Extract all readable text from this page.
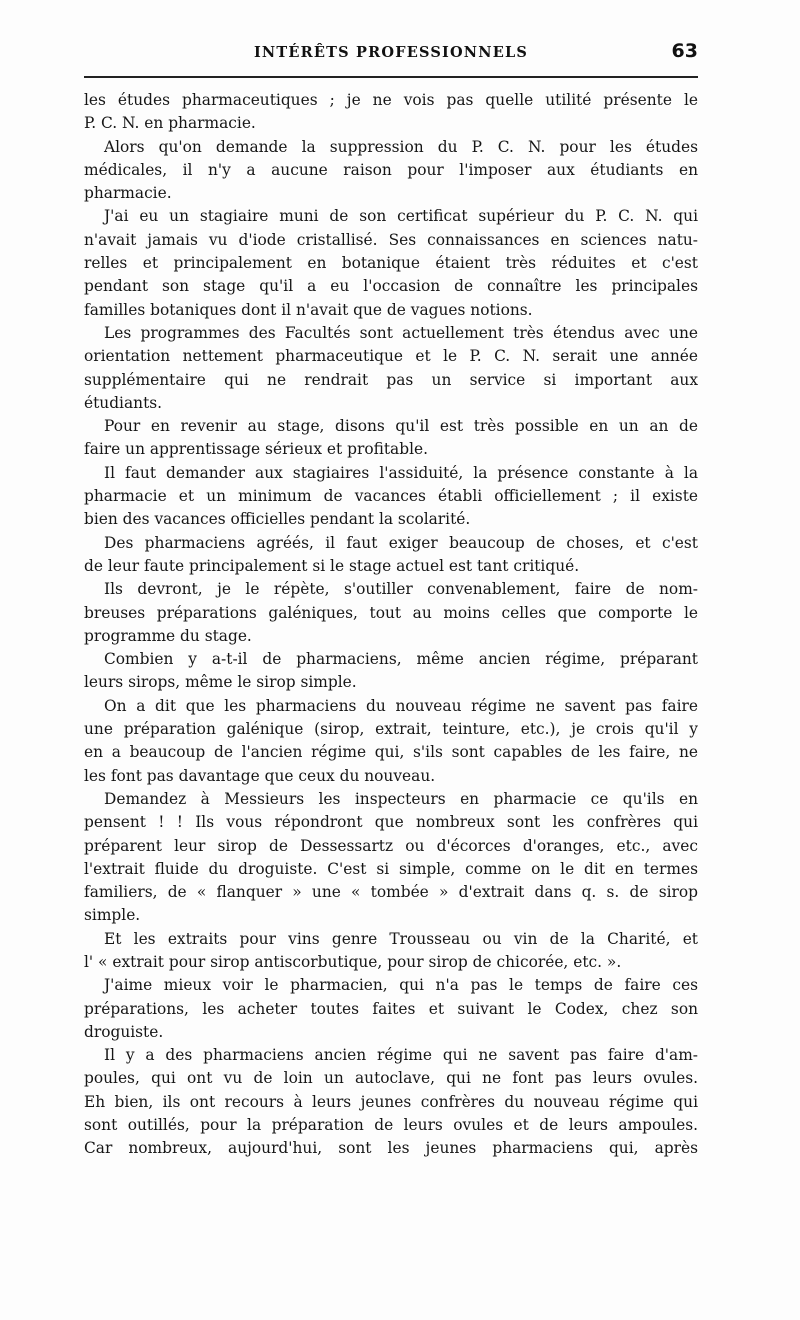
INTÉRÊTS PROFESSIONNELS	63
les études pharmaceutiques ; je ne vois pas quelle utilité présente le
P. C. N. en pharmacie.
Alors qu'on demande la suppression du P. C. N. pour les études
médicales, il n'y a aucune raison pour l'imposer aux étudiants en
pharmacie.
J'ai eu un stagiaire muni de son certificat supérieur du P. C. N. qui
n'avait jamais vu d'iode cristallisé. Ses connaissances en sciences natu-
relles et principalement en botanique étaient très réduites et c'est
pendant son stage qu'il a eu l'occasion de connaître les principales
familles botaniques dont il n'avait que de vagues notions.
Les programmes des Facultés sont actuellement très étendus avec une
orientation nettement pharmaceutique et le P. C. N. serait une année
supplémentaire qui ne rendrait pas un service si important aux
étudiants.
Pour en revenir au stage, disons qu'il est très possible en un an de
faire un apprentissage sérieux et profitable.
Il faut demander aux stagiaires l'assiduité, la présence constante à la
pharmacie et un minimum de vacances établi officiellement ; il existe
bien des vacances officielles pendant la scolarité.
Des pharmaciens agréés, il faut exiger beaucoup de choses, et c'est
de leur faute principalement si le stage actuel est tant critiqué.
Ils devront, je le répète, s'outiller convenablement, faire de nom-
breuses préparations galéniques, tout au moins celles que comporte le
programme du stage.
Combien y a-t-il de pharmaciens, même ancien régime, préparant
leurs sirops, même le sirop simple.
On a dit que les pharmaciens du nouveau régime ne savent pas faire
une préparation galénique (sirop, extrait, teinture, etc.), je crois qu'il y
en a beaucoup de l'ancien régime qui, s'ils sont capables de les faire, ne
les font pas davantage que ceux du nouveau.
Demandez à Messieurs les inspecteurs en pharmacie ce qu'ils en
pensent ! ! Ils vous répondront que nombreux sont les confrères qui
préparent leur sirop de Dessessartz ou d'écorces d'oranges, etc., avec
l'extrait fluide du droguiste. C'est si simple, comme on le dit en termes
familiers, de « flanquer » une « tombée » d'extrait dans q. s. de sirop
simple.
Et les extraits pour vins genre Trousseau ou vin de la Charité, et
l' « extrait pour sirop antiscorbutique, pour sirop de chicorée, etc. ».
J'aime mieux voir le pharmacien, qui n'a pas le temps de faire ces
préparations, les acheter toutes faites et suivant le Codex, chez son
droguiste.
Il y a des pharmaciens ancien régime qui ne savent pas faire d'am-
poules, qui ont vu de loin un autoclave, qui ne font pas leurs ovules.
Eh bien, ils ont recours à leurs jeunes confrères du nouveau régime qui
sont outillés, pour la préparation de leurs ovules et de leurs ampoules.
Car nombreux, aujourd'hui, sont les jeunes pharmaciens qui, après
